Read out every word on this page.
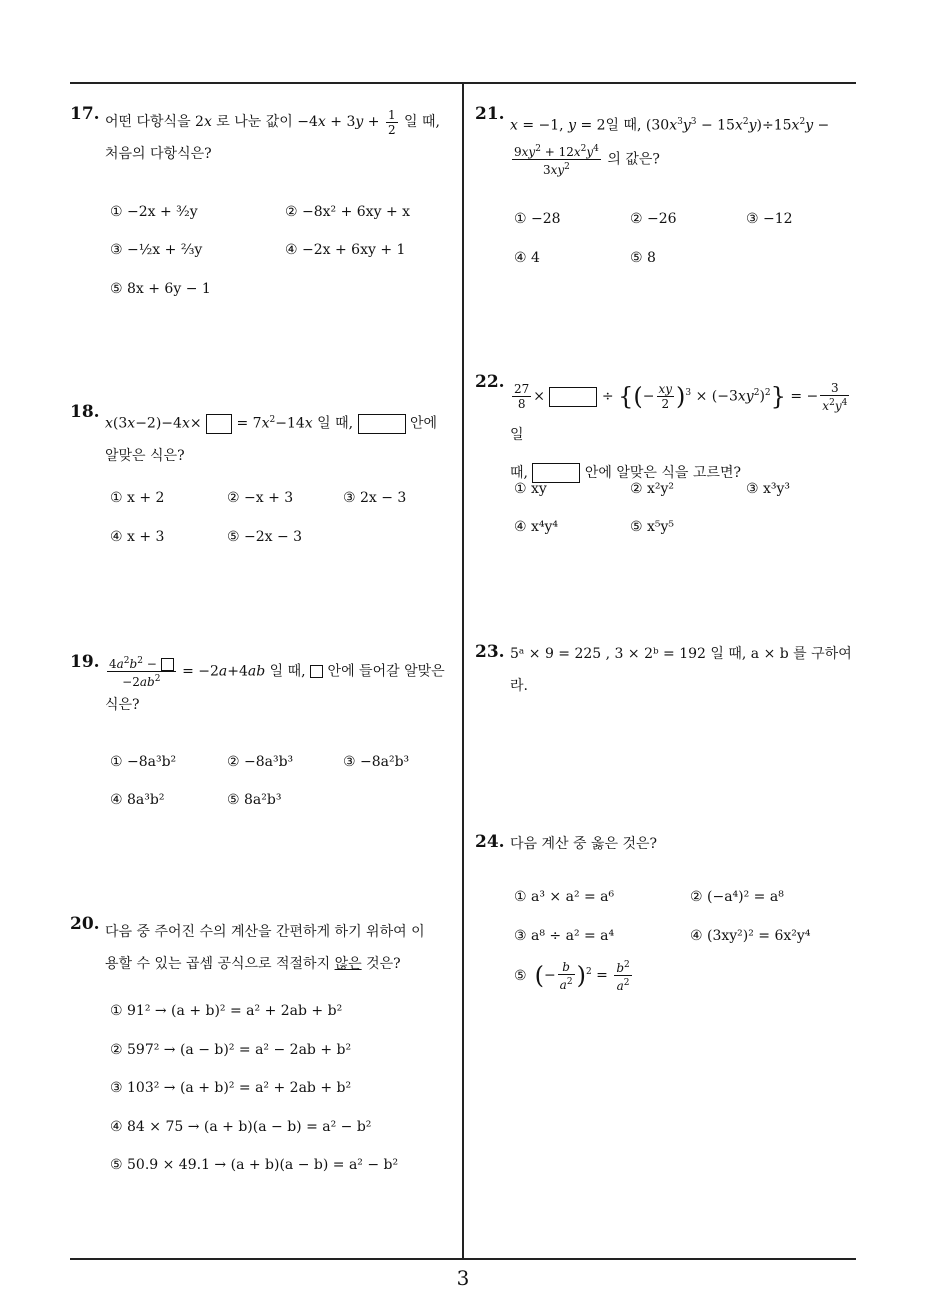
17. 어떤 다항식을 2x 로 나눈 값이 $-4x + 3y + \frac{1}{2}$ 일 때,
처음의 다항식은?
① −2x + ³⁄₂y	② −8x² + 6xy + x
③ −½x + ⅔y	④ −2x + 6xy + 1
⑤ 8x + 6y − 1
18.
$x(3x-2)-4x\times = 7x^2-14x$ 일 때,	안에
알맞은 식은?
① x + 2	② −x + 3	③ 2x − 3
④ x + 3	⑤ −2x − 3
19. $\frac{4a^2b^2 -}{-2ab^2} = -2a+4ab$ 일 때,  안에 들어갈 알맞은
식은?
① −8a³b²	② −8a³b³	③ −8a²b³
④ 8a³b²	⑤ 8a²b³
20. 다음 중 주어진 수의 계산을 간편하게 하기 위하여 이
용할 수 있는 곱셈 공식으로 적절하지 않은 것은?
① 91² → (a + b)² = a² + 2ab + b²
② 597² → (a − b)² = a² − 2ab + b²
③ 103² → (a + b)² = a² + 2ab + b²
④ 84 × 75 → (a + b)(a − b) = a² − b²
⑤ 50.9 × 49.1 → (a + b)(a − b) = a² − b²
21.
x = −1, y = 2일 때, $(30x^3y^3 - 15x^2y)\div 15x^2y$ −

$\frac{9xy^2 + 12x^2y^4}{3xy^2}$ 의 값은?
① −28	② −26	③ −12
④ 4	⑤ 8
22.
$\frac{27}{8}$ ×	÷ {(− $\frac{xy}{2} )^3 \times (-3xy^2)^2$} = − $\frac{3}{x^2y^4}$
일
때,	안에 알맞은 식을 고르면?
① xy	② x²y²	③ x³y³
④ x⁴y⁴	⑤ x⁵y⁵
23. 5ᵃ × 9 = 225 , 3 × 2ᵇ = 192 일 때, a × b 를 구하여라.
24. 다음 계산 중 옳은 것은?
① a³ × a² = a⁶	② (−a⁴)² = a⁸
③ a⁸ ÷ a² = a⁴	④ (3xy²)² = 6x²y⁴
⑤ (− $\frac{b}{a^2} )^2 = \frac{b^2}{a^2}$
3
